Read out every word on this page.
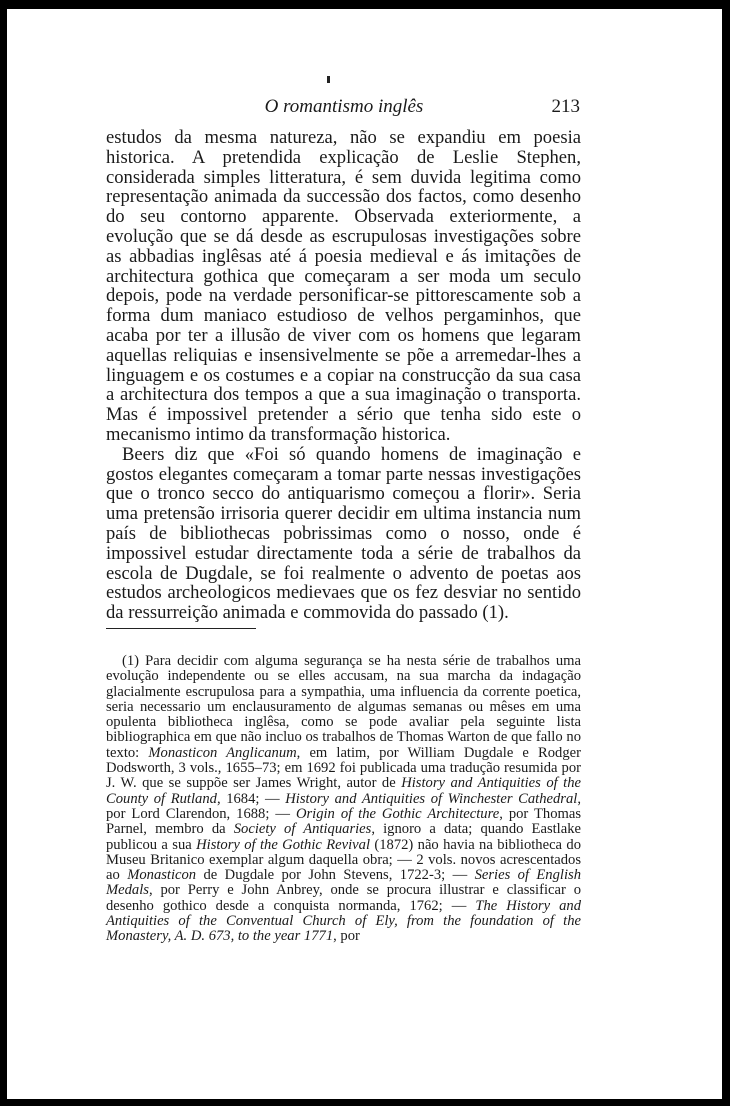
O romantismo inglês	213

estudos da mesma natureza, não se expandiu em poesia historica. A pretendida explicação de Leslie Stephen, considerada simples litteratura, é sem duvida legitima como representação animada da successão dos factos, como desenho do seu contorno apparente. Observada exteriormente, a evolução que se dá desde as escrupulosas investigações sobre as abbadias inglêsas até á poesia medieval e ás imitações de architectura gothica que começaram a ser moda um seculo depois, pode na verdade personificar-se pittorescamente sob a forma dum maniaco estudioso de velhos pergaminhos, que acaba por ter a illusão de viver com os homens que legaram aquellas reliquias e insensivelmente se põe a arremedar-lhes a linguagem e os costumes e a copiar na construcção da sua casa a architectura dos tempos a que a sua imaginação o transporta. Mas é impossivel pretender a sério que tenha sido este o mecanismo intimo da transformação historica.

Beers diz que «Foi só quando homens de imaginação e gostos elegantes começaram a tomar parte nessas investigações que o tronco secco do antiquarismo começou a florir». Seria uma pretensão irrisoria querer decidir em ultima instancia num país de bibliothecas pobrissimas como o nosso, onde é impossivel estudar directamente toda a série de trabalhos da escola de Dugdale, se foi realmente o advento de poetas aos estudos archeologicos medievaes que os fez desviar no sentido da ressurreição animada e commovida do passado (1).

(1) Para decidir com alguma segurança se ha nesta série de trabalhos uma evolução independente ou se elles accusam, na sua marcha da indagação glacialmente escrupulosa para a sympathia, uma influencia da corrente poetica, seria necessario um enclausuramento de algumas semanas ou mêses em uma opulenta bibliotheca inglêsa, como se pode avaliar pela seguinte lista bibliographica em que não incluo os trabalhos de Thomas Warton de que fallo no texto: Monasticon Anglicanum, em latim, por William Dugdale e Rodger Dodsworth, 3 vols., 1655–73; em 1692 foi publicada uma tradução resumida por J. W. que se suppõe ser James Wright, autor de History and Antiquities of the County of Rutland, 1684; — History and Antiquities of Winchester Cathedral, por Lord Clarendon, 1688; — Origin of the Gothic Architecture, por Thomas Parnel, membro da Society of Antiquaries, ignoro a data; quando Eastlake publicou a sua History of the Gothic Revival (1872) não havia na bibliotheca do Museu Britanico exemplar algum daquella obra; — 2 vols. novos acrescentados ao Monasticon de Dugdale por John Stevens, 1722-3; — Series of English Medals, por Perry e John Anbrey, onde se procura illustrar e classificar o desenho gothico desde a conquista normanda, 1762; — The History and Antiquities of the Conventual Church of Ely, from the foundation of the Monastery, A. D. 673, to the year 1771, por
